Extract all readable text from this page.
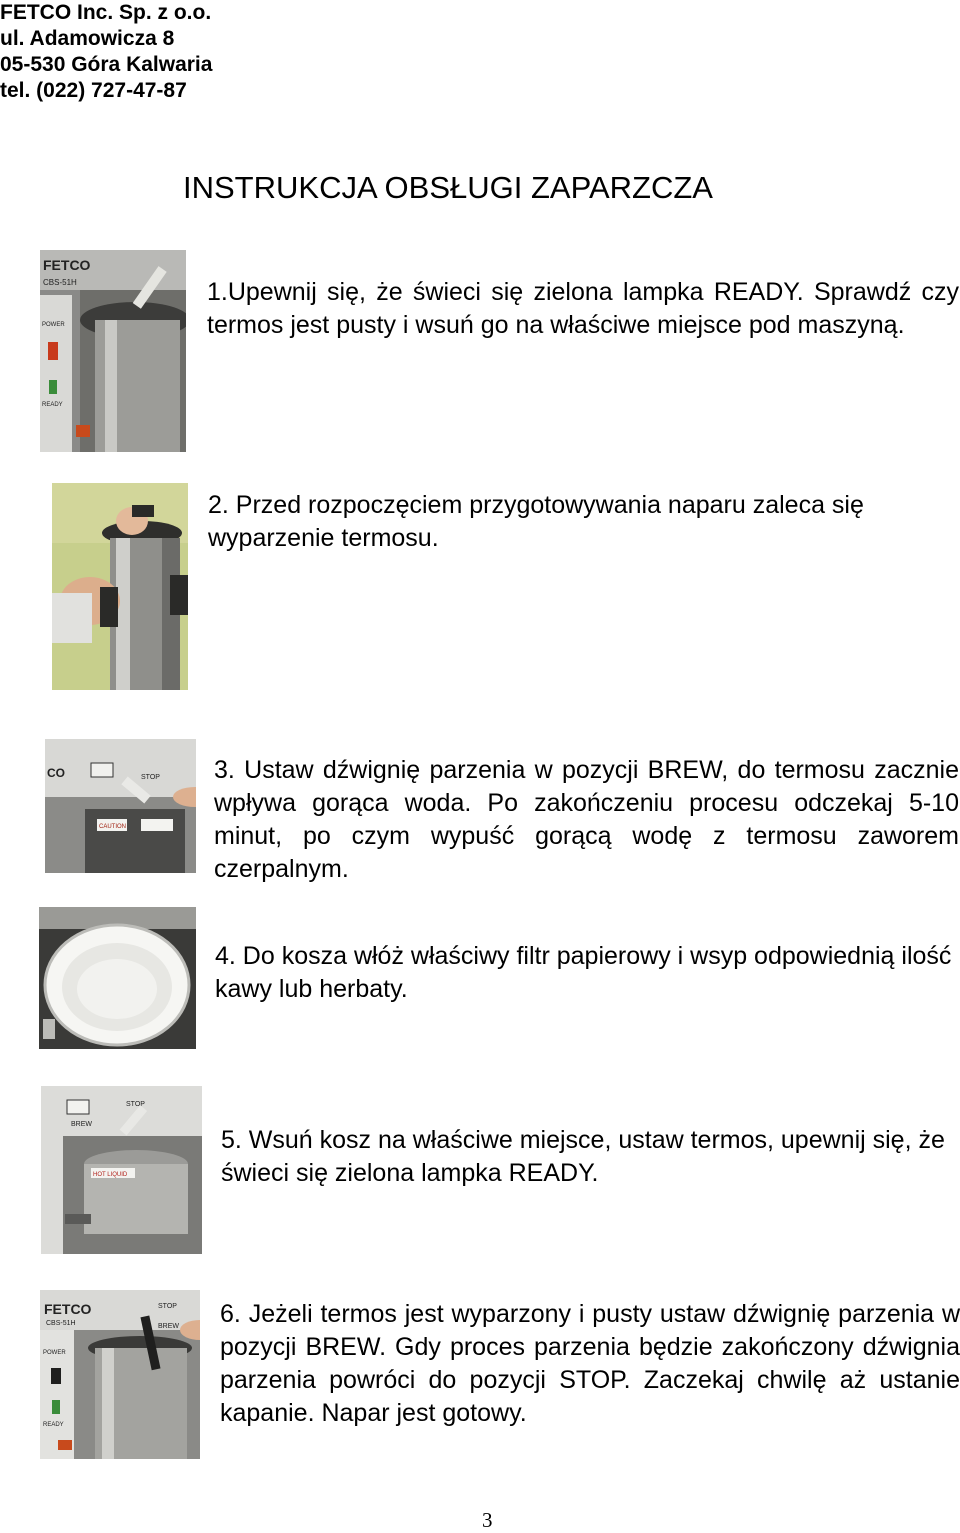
FETCO Inc. Sp. z o.o.
ul. Adamowicza 8
05-530 Góra Kalwaria
tel. (022) 727-47-87
INSTRUKCJA OBSŁUGI ZAPARZCZA
FETCO
CBS-51H
POWER
READY
1.Upewnij się, że świeci się zielona lampka READY. Sprawdź czy termos jest pusty i wsuń go na właściwe miejsce pod maszyną.
2. Przed rozpoczęciem przygotowywania naparu zaleca się wyparzenie termosu.
CO	STOP
CAUTION
3. Ustaw dźwignię parzenia w pozycji BREW, do termosu zacznie wpływa gorąca woda. Po zakończeniu procesu odczekaj 5-10 minut, po czym wypuść gorącą wodę z termosu zaworem czerpalnym.
4. Do kosza włóż właściwy filtr papierowy i wsyp odpowiednią ilość kawy lub herbaty.
BREW
STOP
HOT LIQUID
5. Wsuń kosz na właściwe miejsce, ustaw termos, upewnij się, że świeci się zielona lampka READY.
FETCO
CBS-51H
STOP
BREW
POWER
READY
6. Jeżeli termos jest wyparzony i pusty ustaw dźwignię parzenia w pozycji BREW. Gdy proces parzenia będzie zakończony dźwignia parzenia powróci do pozycji STOP. Zaczekaj chwilę aż ustanie kapanie. Napar jest gotowy.
3
